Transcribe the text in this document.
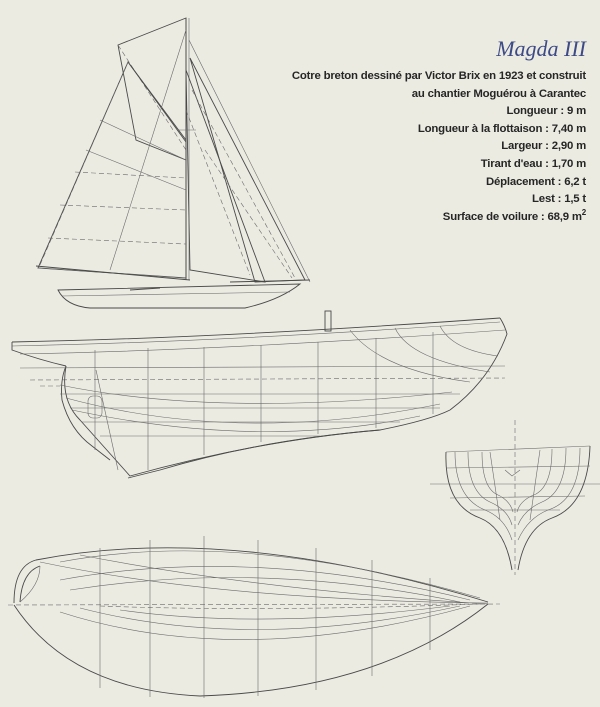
Magda III
Cotre breton dessiné par Victor Brix en 1923 et construit
au chantier Moguérou à Carantec
Longueur : 9 m
Longueur à la flottaison : 7,40 m
Largeur : 2,90 m
Tirant d'eau : 1,70 m
Déplacement : 6,2 t
Lest : 1,5 t
Surface de voilure : 68,9 $m^2$
